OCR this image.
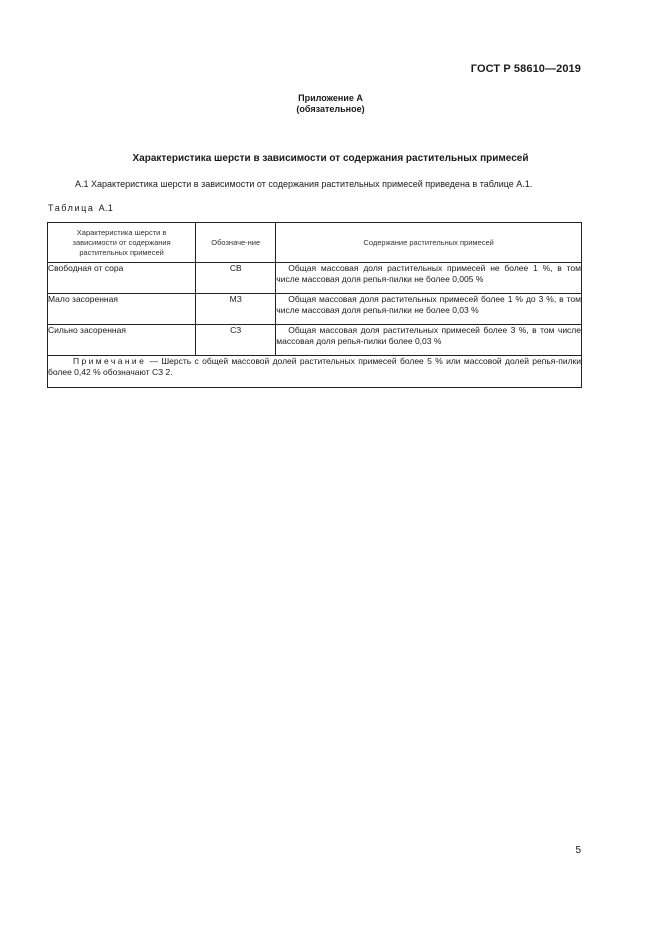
ГОСТ Р 58610—2019
Приложение А
(обязательное)
Характеристика шерсти в зависимости от содержания растительных примесей
А.1 Характеристика шерсти в зависимости от содержания растительных примесей приведена в таблице А.1.
Таблица А.1
Характеристика шерсти в зависимости от содержания растительных примесей	Обозначе-ние	Содержание растительных примесей
Свободная от сора	СВ	Общая массовая доля растительных примесей не более 1 %, в том числе массовая доля репья-пилки не более 0,005 %
Мало засоренная	МЗ	Общая массовая доля растительных примесей более 1 % до 3 %, в том числе массовая доля репья-пилки не более 0,03 %
Сильно засоренная	СЗ	Общая массовая доля растительных примесей более 3 %, в том числе массовая доля репья-пилки более 0,03 %
Примечание — Шерсть с общей массовой долей растительных примесей более 5 % или массовой долей репья-пилки более 0,42 % обозначают СЗ 2.		
5
